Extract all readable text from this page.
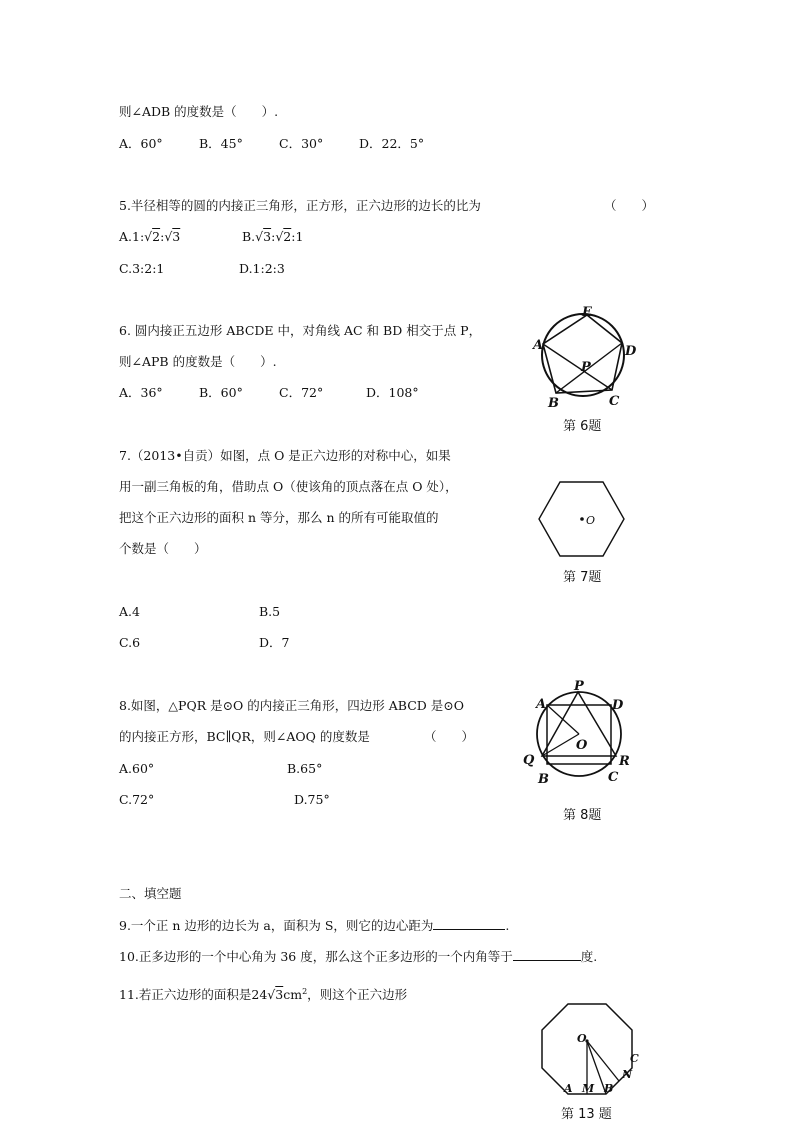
则∠ADB 的度数是（　　）.
A．60°	B．45°	C．30°	D．22．5°
5.半径相等的圆的内接正三角形，正方形，正六边形的边长的比为	（　　）
A.1:√2:√3	B.√3:√2:1
C.3:2:1	D.1:2:3
6. 圆内接正五边形 ABCDE 中，对角线 AC 和 BD 相交于点 P，
则∠APB 的度数是（　　）.
A．36°	B．60°	C．72°	D．108°
E
A	D
P
B	C
第 6题
7.（2013•自贡）如图，点 O 是正六边形的对称中心，如果
用一副三角板的角，借助点 O（使该角的顶点落在点 O 处），
把这个正六边形的面积 n 等分，那么 n 的所有可能取值的
个数是（　　）
A.4	B.5
C.6	D．7
O
第 7题
8.如图，△PQR 是⊙O 的内接正三角形，四边形 ABCD 是⊙O
的内接正方形，BC∥QR，则∠AOQ 的度数是	（　　）
A.60°	B.65°
C.72°	D.75°
P
A	D
O
Q	R
B	C
第 8题
二、填空题
9.一个正 n 边形的边长为 a，面积为 S，则它的边心距为	.
10.正多边形的一个中心角为 36 度，那么这个正多边形的一个内角等于	度.
11.若正六边形的面积是$24√3cm^2$，则这个正六边形
O
C
N
A M B
第 13 题
